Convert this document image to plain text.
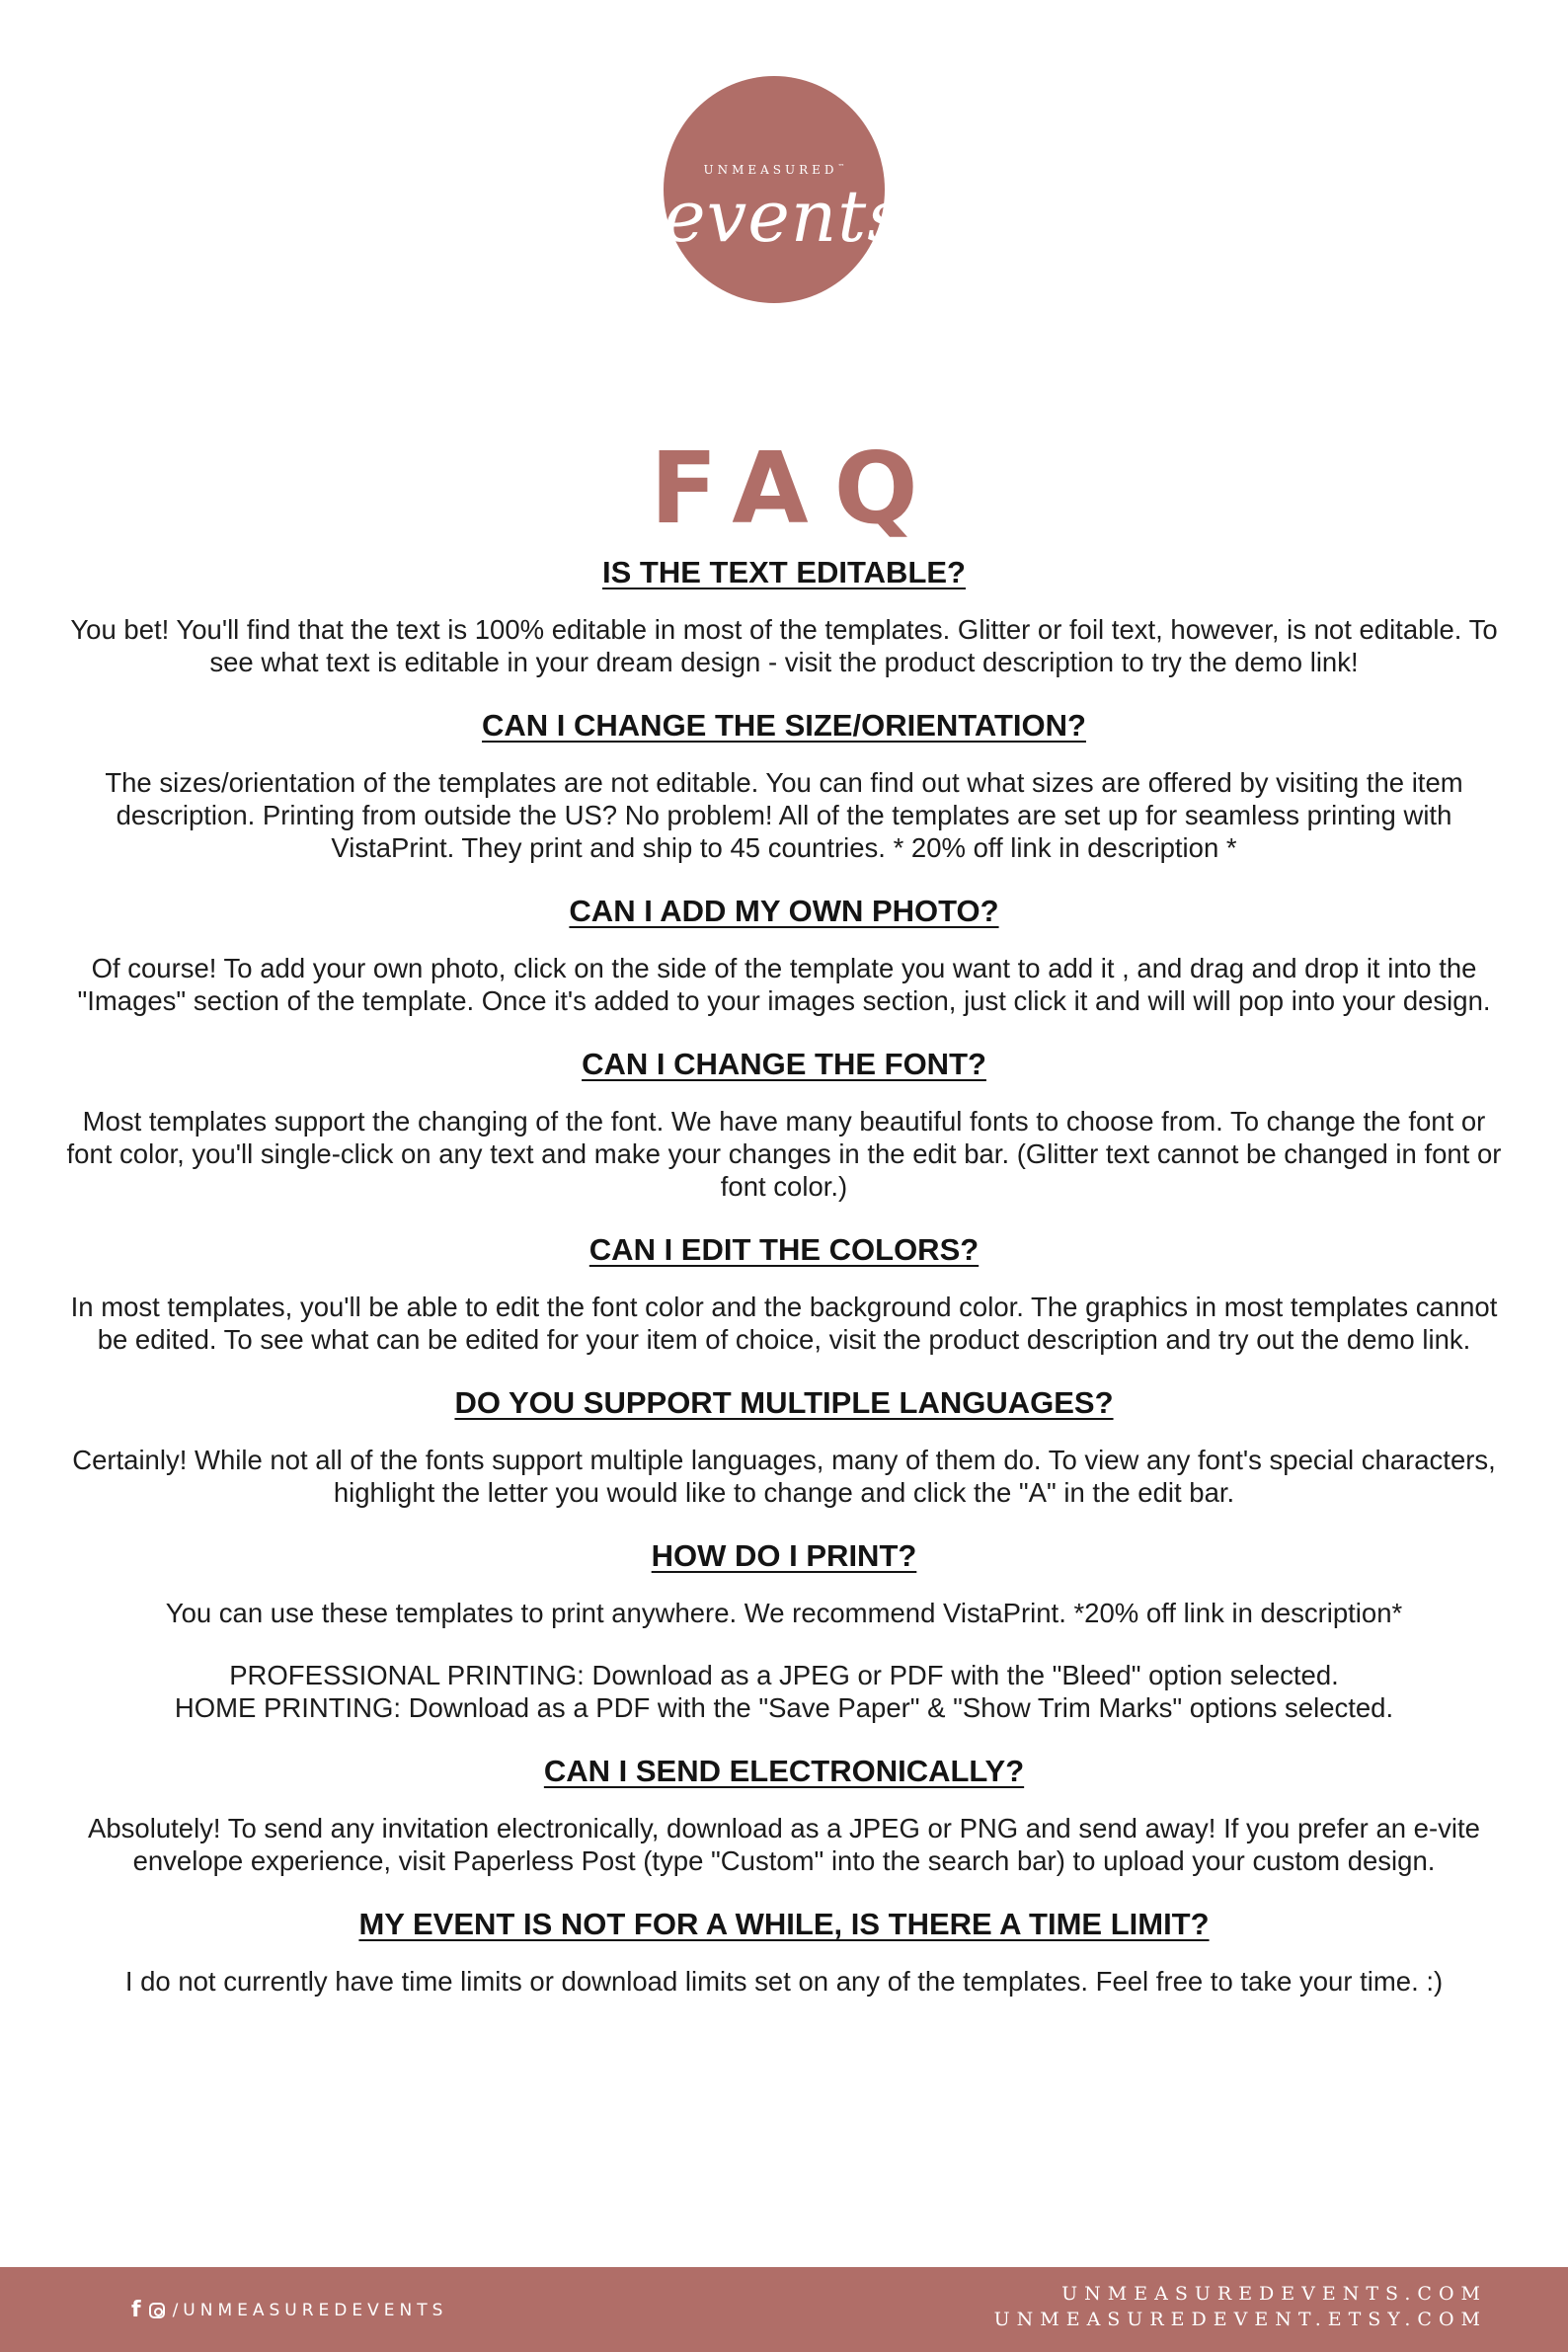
UNMEASURED™
events
FAQ
IS THE TEXT EDITABLE?

You bet! You'll find that the text is 100% editable in most of the templates. Glitter or foil text, however, is not editable. To see what text is editable in your dream design - visit the product description to try the demo link!

CAN I CHANGE THE SIZE/ORIENTATION?

The sizes/orientation of the templates are not editable. You can find out what sizes are offered by visiting the item description. Printing from outside the US? No problem! All of the templates are set up for seamless printing with VistaPrint. They print and ship to 45 countries. * 20% off link in description *

CAN I ADD MY OWN PHOTO?

Of course! To add your own photo, click on the side of the template you want to add it , and drag and drop it into the "Images" section of the template. Once it's added to your images section, just click it and will will pop into your design.

CAN I CHANGE THE FONT?

Most templates support the changing of the font. We have many beautiful fonts to choose from. To change the font or font color, you'll single-click on any text and make your changes in the edit bar. (Glitter text cannot be changed in font or font color.)

CAN I EDIT THE COLORS?

In most templates, you'll be able to edit the font color and the background color. The graphics in most templates cannot be edited. To see what can be edited for your item of choice, visit the product description and try out the demo link.

DO YOU SUPPORT MULTIPLE LANGUAGES?

Certainly! While not all of the fonts support multiple languages, many of them do. To view any font's special characters, highlight the letter you would like to change and click the "A" in the edit bar.

HOW DO I PRINT?

You can use these templates to print anywhere. We recommend VistaPrint. *20% off link in description*

PROFESSIONAL PRINTING: Download as a JPEG or PDF with the "Bleed" option selected.

HOME PRINTING: Download as a PDF with the "Save Paper" & "Show Trim Marks" options selected.

CAN I SEND ELECTRONICALLY?

Absolutely! To send any invitation electronically, download as a JPEG or PNG and send away! If you prefer an e-vite envelope experience, visit Paperless Post (type "Custom" into the search bar) to upload your custom design.

MY EVENT IS NOT FOR A WHILE, IS THERE A TIME LIMIT?

I do not currently have time limits or download limits set on any of the templates. Feel free to take your time. :)

f /UNMEASUREDEVENTS
UNMEASUREDEVENTS.COM
UNMEASUREDEVENT.ETSY.COM
